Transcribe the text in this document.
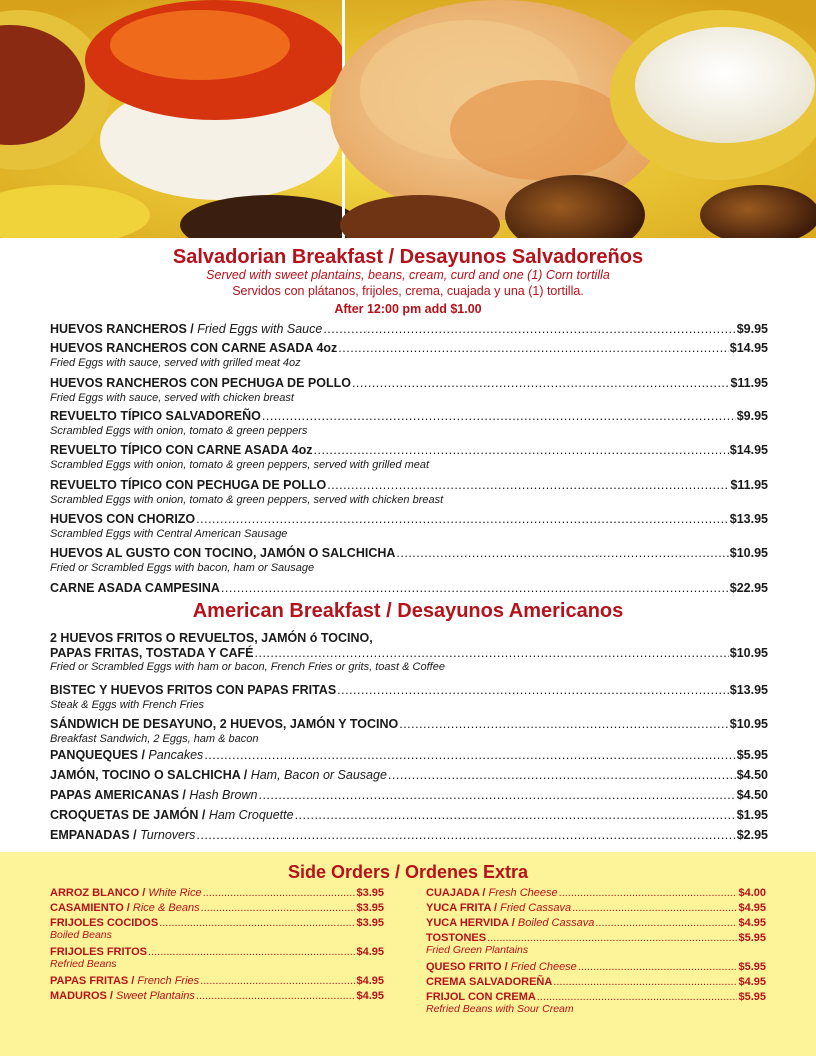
Salvadorian Breakfast / Desayunos Salvadoreños
Served with sweet plantains, beans, cream, curd and one (1) Corn tortilla
Servidos con plátanos, frijoles, crema, cuajada y una (1) tortilla.
After 12:00 pm add $1.00
HUEVOS RANCHEROS / Fried Eggs with Sauce .....	$9.95
HUEVOS RANCHEROS CON CARNE ASADA 4oz .....	$14.95
Fried Eggs with sauce, served with grilled meat 4oz
HUEVOS RANCHEROS CON PECHUGA DE POLLO .....	$11.95
Fried Eggs with sauce, served with chicken breast
REVUELTO TÍPICO SALVADOREÑO .....	$9.95
Scrambled Eggs with onion, tomato & green peppers
REVUELTO TÍPICO CON CARNE ASADA 4oz .....	$14.95
Scrambled Eggs with onion, tomato & green peppers, served with grilled meat
REVUELTO TÍPICO CON PECHUGA DE POLLO .....	$11.95
Scrambled Eggs with onion, tomato & green peppers, served with chicken breast
HUEVOS CON CHORIZO .....	$13.95
Scrambled Eggs with Central American Sausage
HUEVOS AL GUSTO CON TOCINO, JAMÓN O SALCHICHA .....	$10.95
Fried or Scrambled Eggs with bacon, ham or Sausage
CARNE ASADA CAMPESINA .....	$22.95
American Breakfast / Desayunos Americanos
2 HUEVOS FRITOS O REVUELTOS, JAMÓN ó TOCINO,
PAPAS FRITAS, TOSTADA Y CAFÉ .....	$10.95
Fried or Scrambled Eggs with ham or bacon, French Fries or grits, toast & Coffee
BISTEC Y HUEVOS FRITOS CON PAPAS FRITAS .....	$13.95
Steak & Eggs with French Fries
SÁNDWICH DE DESAYUNO, 2 HUEVOS, JAMÓN Y TOCINO .....	$10.95
Breakfast Sandwich, 2 Eggs, ham & bacon
PANQUEQUES / Pancakes .....	$5.95
JAMÓN, TOCINO O SALCHICHA / Ham, Bacon or Sausage .....	$4.50
PAPAS AMERICANAS / Hash Brown .....	$4.50
CROQUETAS DE JAMÓN / Ham Croquette .....	$1.95
EMPANADAS / Turnovers .....	$2.95
Side Orders / Ordenes Extra
ARROZ BLANCO / White Rice .....	$3.95
CASAMIENTO / Rice & Beans .....	$3.95
FRIJOLES COCIDOS .....	$3.95
Boiled Beans
FRIJOLES FRITOS .....	$4.95
Refried Beans
PAPAS FRITAS / French Fries .....	$4.95
MADUROS / Sweet Plantains .....	$4.95
CUAJADA / Fresh Cheese .....	$4.00
YUCA FRITA / Fried Cassava .....	$4.95
YUCA HERVIDA / Boiled Cassava .....	$4.95
TOSTONES .....	$5.95
Fried Green Plantains
QUESO FRITO / Fried Cheese .....	$5.95
CREMA SALVADOREÑA .....	$4.95
FRIJOL CON CREMA .....	$5.95
Refried Beans with Sour Cream
